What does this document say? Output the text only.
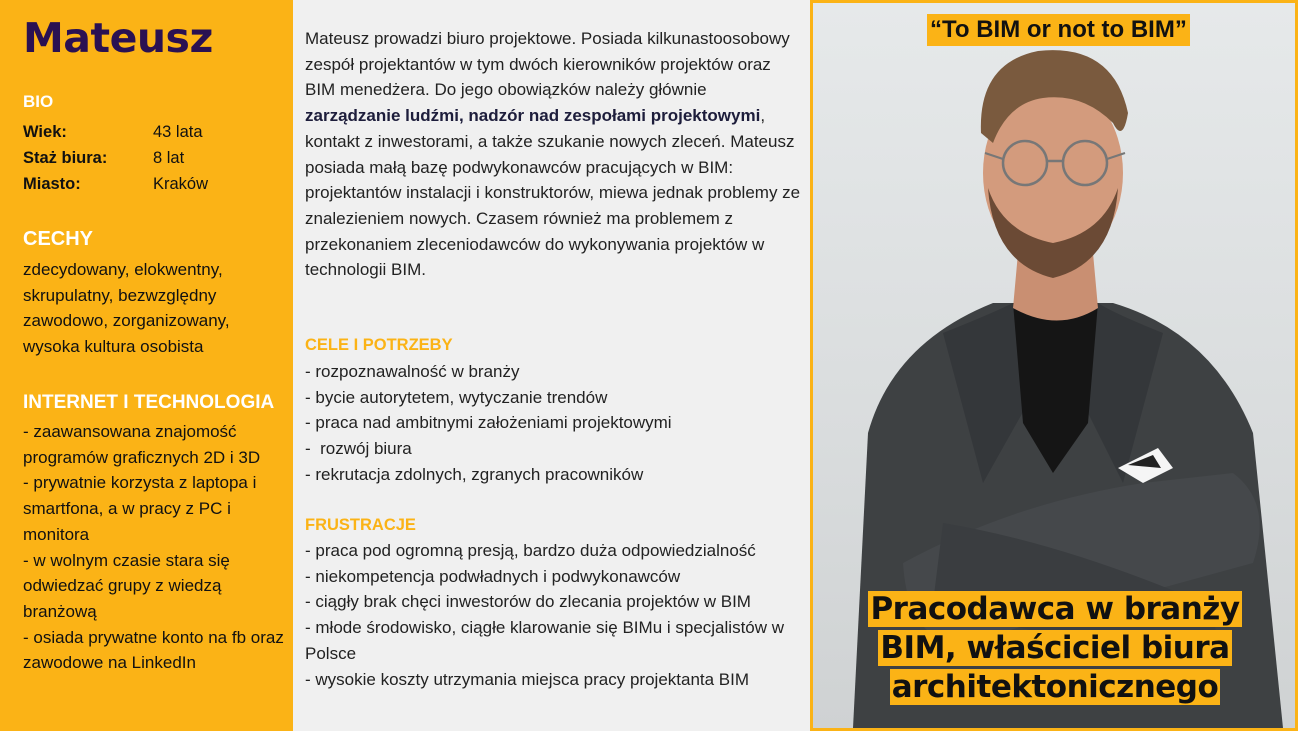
Mateusz
BIO
Wiek:	43 lata
Staż biura:	8 lat
Miasto:	Kraków
CECHY

zdecydowany, elokwentny, skrupulatny, bezwzględny zawodowo, zorganizowany, wysoka kultura osobista

INTERNET I TECHNOLOGIA
- zaawansowana znajomość programów graficznych 2D i 3D
- prywatnie korzysta z laptopa i smartfona, a w pracy z PC i monitora
- w wolnym czasie stara się odwiedzać grupy z wiedzą branżową
- osiada prywatne konto na fb oraz zawodowe na LinkedIn

Mateusz prowadzi biuro projektowe. Posiada kilkunastoosobowy zespół projektantów w tym dwóch kierowników projektów oraz BIM menedżera. Do jego obowiązków należy głównie zarządzanie ludźmi, nadzór nad zespołami projektowymi, kontakt z inwestorami, a także szukanie nowych zleceń. Mateusz posiada małą bazę podwykonawców pracujących w BIM: projektantów instalacji i konstruktorów, miewa jednak problemy ze znalezieniem nowych. Czasem również ma problemem z przekonaniem zleceniodawców do wykonywania projektów w technologii BIM.

CELE I POTRZEBY
- rozpoznawalność w branży
- bycie autorytetem, wytyczanie trendów
- praca nad ambitnymi założeniami projektowymi
-  rozwój biura
- rekrutacja zdolnych, zgranych pracowników
FRUSTRACJE
- praca pod ogromną presją, bardzo duża odpowiedzialność
- niekompetencja podwładnych i podwykonawców
- ciągły brak chęci inwestorów do zlecania projektów w BIM
- młode środowisko, ciągłe klarowanie się BIMu i specjalistów w Polsce
- wysokie koszty utrzymania miejsca pracy projektanta BIM

“To BIM or not to BIM”

Pracodawca w branży BIM, właściciel biura architektonicznego
